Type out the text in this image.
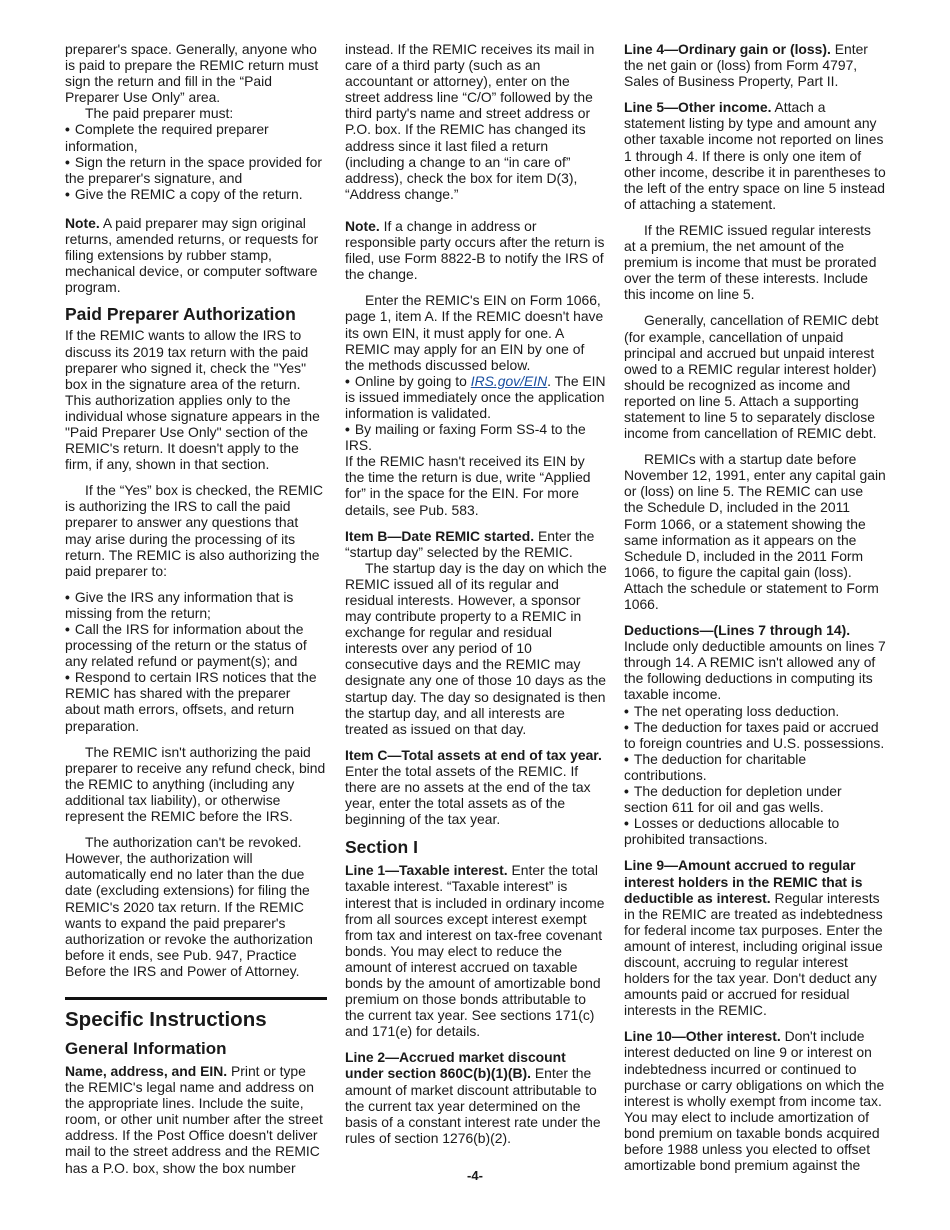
preparer's space. Generally, anyone who is paid to prepare the REMIC return must sign the return and fill in the “Paid Preparer Use Only” area.

The paid preparer must:

• Complete the required preparer information,

• Sign the return in the space provided for the preparer's signature, and

• Give the REMIC a copy of the return.

Note. A paid preparer may sign original returns, amended returns, or requests for filing extensions by rubber stamp, mechanical device, or computer software program.

Paid Preparer Authorization

If the REMIC wants to allow the IRS to discuss its 2019 tax return with the paid preparer who signed it, check the "Yes" box in the signature area of the return. This authorization applies only to the individual whose signature appears in the "Paid Preparer Use Only" section of the REMIC's return. It doesn't apply to the firm, if any, shown in that section.

If the “Yes” box is checked, the REMIC is authorizing the IRS to call the paid preparer to answer any questions that may arise during the processing of its return. The REMIC is also authorizing the paid preparer to:

• Give the IRS any information that is missing from the return;

• Call the IRS for information about the processing of the return or the status of any related refund or payment(s); and

• Respond to certain IRS notices that the REMIC has shared with the preparer about math errors, offsets, and return preparation.

The REMIC isn't authorizing the paid preparer to receive any refund check, bind the REMIC to anything (including any additional tax liability), or otherwise represent the REMIC before the IRS.

The authorization can't be revoked. However, the authorization will automatically end no later than the due date (excluding extensions) for filing the REMIC's 2020 tax return. If the REMIC wants to expand the paid preparer's authorization or revoke the authorization before it ends, see Pub. 947, Practice Before the IRS and Power of Attorney.

Specific Instructions
General Information

Name, address, and EIN. Print or type the REMIC's legal name and address on the appropriate lines. Include the suite, room, or other unit number after the street address. If the Post Office doesn't deliver mail to the street address and the REMIC has a P.O. box, show the box number

instead. If the REMIC receives its mail in care of a third party (such as an accountant or attorney), enter on the street address line “C/O” followed by the third party's name and street address or P.O. box. If the REMIC has changed its address since it last filed a return (including a change to an “in care of” address), check the box for item D(3), “Address change.”

Note. If a change in address or responsible party occurs after the return is filed, use Form 8822-B to notify the IRS of the change.

Enter the REMIC's EIN on Form 1066, page 1, item A. If the REMIC doesn't have its own EIN, it must apply for one. A REMIC may apply for an EIN by one of the methods discussed below.

• Online by going to IRS.gov/EIN. The EIN is issued immediately once the application information is validated.

• By mailing or faxing Form SS-4 to the IRS.

If the REMIC hasn't received its EIN by the time the return is due, write “Applied for” in the space for the EIN. For more details, see Pub. 583.

Item B—Date REMIC started. Enter the “startup day” selected by the REMIC.

The startup day is the day on which the REMIC issued all of its regular and residual interests. However, a sponsor may contribute property to a REMIC in exchange for regular and residual interests over any period of 10 consecutive days and the REMIC may designate any one of those 10 days as the startup day. The day so designated is then the startup day, and all interests are treated as issued on that day.

Item C—Total assets at end of tax year. Enter the total assets of the REMIC. If there are no assets at the end of the tax year, enter the total assets as of the beginning of the tax year.

Section I

Line 1—Taxable interest. Enter the total taxable interest. “Taxable interest” is interest that is included in ordinary income from all sources except interest exempt from tax and interest on tax-free covenant bonds. You may elect to reduce the amount of interest accrued on taxable bonds by the amount of amortizable bond premium on those bonds attributable to the current tax year. See sections 171(c) and 171(e) for details.

Line 2—Accrued market discount under section 860C(b)(1)(B). Enter the amount of market discount attributable to the current tax year determined on the basis of a constant interest rate under the rules of section 1276(b)(2).

Line 4—Ordinary gain or (loss). Enter the net gain or (loss) from Form 4797, Sales of Business Property, Part II.

Line 5—Other income. Attach a statement listing by type and amount any other taxable income not reported on lines 1 through 4. If there is only one item of other income, describe it in parentheses to the left of the entry space on line 5 instead of attaching a statement.

If the REMIC issued regular interests at a premium, the net amount of the premium is income that must be prorated over the term of these interests. Include this income on line 5.

Generally, cancellation of REMIC debt (for example, cancellation of unpaid principal and accrued but unpaid interest owed to a REMIC regular interest holder) should be recognized as income and reported on line 5. Attach a supporting statement to line 5 to separately disclose income from cancellation of REMIC debt.

REMICs with a startup date before November 12, 1991, enter any capital gain or (loss) on line 5. The REMIC can use the Schedule D, included in the 2011 Form 1066, or a statement showing the same information as it appears on the Schedule D, included in the 2011 Form 1066, to figure the capital gain (loss). Attach the schedule or statement to Form 1066.

Deductions—(Lines 7 through 14). Include only deductible amounts on lines 7 through 14. A REMIC isn't allowed any of the following deductions in computing its taxable income.

• The net operating loss deduction.

• The deduction for taxes paid or accrued to foreign countries and U.S. possessions.

• The deduction for charitable contributions.

• The deduction for depletion under section 611 for oil and gas wells.

• Losses or deductions allocable to prohibited transactions.

Line 9—Amount accrued to regular interest holders in the REMIC that is deductible as interest. Regular interests in the REMIC are treated as indebtedness for federal income tax purposes. Enter the amount of interest, including original issue discount, accruing to regular interest holders for the tax year. Don't deduct any amounts paid or accrued for residual interests in the REMIC.

Line 10—Other interest. Don't include interest deducted on line 9 or interest on indebtedness incurred or continued to purchase or carry obligations on which the interest is wholly exempt from income tax. You may elect to include amortization of bond premium on taxable bonds acquired before 1988 unless you elected to offset amortizable bond premium against the

-4-
